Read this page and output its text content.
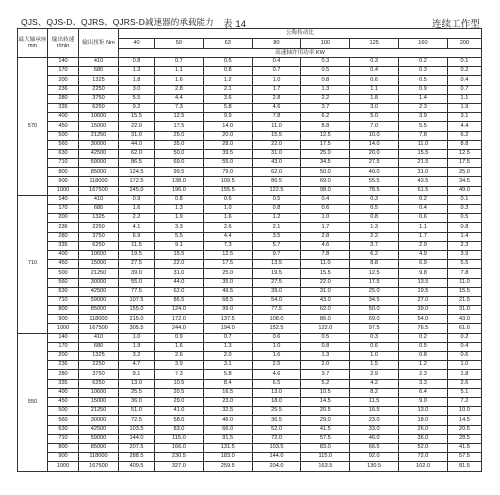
QJS、QJS-D、QJRS、QJRS-D减速器的承载能力 表 14	连续工作型
最大轴承座 mm	输出转速 r/min	输出扭矩 Nm	公称传动比							
			40	50	63	80	100	125	160	200
			高速轴许用功率 KW							
570	140	410	0.8	0.7	0.5	0.4	0.3	0.3	0.2	0.1
	170	680	1.3	1.1	0.8	0.7	0.5	0.4	0.3	0.2
	200	1325	1.8	1.6	1.2	1.0	0.8	0.6	0.5	0.4
	236	2250	3.0	2.8	2.1	1.7	1.3	1.1	0.9	0.7
	280	3750	5.5	4.4	3.6	2.8	2.2	1.8	1.4	1.1
	335	6250	9.2	7.3	5.8	4.6	3.7	3.0	2.3	1.9
	400	10600	15.5	12.5	9.9	7.8	6.2	5.0	3.9	3.1
	450	15000	22.0	17.5	14.0	11.0	8.8	7.0	5.5	4.4
	500	21250	31.0	25.0	20.0	15.5	12.5	10.0	7.8	6.2
	560	30000	44.0	35.0	28.0	22.0	17.5	14.0	11.0	8.8
	630	42500	62.0	50.0	39.5	31.0	25.0	20.0	15.5	12.5
	710	59000	86.5	69.0	55.0	43.0	34.5	27.5	21.5	17.5
	800	85000	124.5	99.5	79.0	62.0	50.0	40.0	31.0	25.0
	900	118000	172.5	138.0	109.5	86.5	69.0	55.5	43.5	34.5
	1000	167500	245.0	196.0	155.5	122.5	98.0	78.5	61.5	49.0
710	140	410	0.9	0.8	0.6	0.5	0.4	0.3	0.2	0.1
	170	680	1.6	1.3	1.0	0.8	0.6	0.5	0.4	0.3
	200	1325	2.2	1.9	1.6	1.2	1.0	0.8	0.6	0.5
	236	2250	4.1	3.3	2.6	2.1	1.7	1.3	1.1	0.8
	280	3750	6.9	5.5	4.4	3.5	2.8	2.2	1.7	1.4
	335	6250	11.5	9.1	7.3	5.7	4.6	3.7	2.9	2.3
	400	10600	19.5	15.5	12.5	9.7	7.8	6.2	4.9	3.9
	450	15000	27.5	22.0	17.5	13.5	11.0	8.8	6.9	5.5
	500	21250	39.0	31.0	25.0	19.5	15.5	12.5	9.8	7.8
	560	30000	55.0	44.0	35.0	27.5	22.0	17.5	13.5	11.0
	630	42500	77.5	62.0	49.5	39.0	31.0	25.0	19.5	15.5
	710	59000	107.5	86.5	68.5	54.0	43.0	34.5	27.0	21.5
	800	85000	155.0	124.0	99.0	77.5	62.0	50.0	39.0	31.0
	900	118000	215.0	172.0	137.5	108.0	86.0	69.0	54.0	43.0
	1000	167500	305.5	244.0	194.0	152.5	122.0	97.5	76.5	61.0
550	140	410	1.0	0.9	0.7	0.6	0.5	0.3	0.2	0.2
	170	680	1.9	1.6	1.3	1.0	0.8	0.6	0.5	0.4
	200	1325	3.2	2.6	2.0	1.6	1.3	1.0	0.8	0.6
	236	2250	4.7	3.9	3.1	2.5	2.0	1.5	1.2	1.0
	280	3750	9.1	7.3	5.8	4.6	3.7	2.9	2.3	1.8
	335	6250	13.0	10.5	8.4	6.5	5.2	4.2	3.3	2.6
	400	10600	25.5	20.5	16.5	13.0	10.5	8.2	6.4	5.1
	450	15000	36.0	29.0	23.0	18.0	14.5	11.5	9.0	7.2
	500	21250	51.0	41.0	32.5	25.5	20.5	16.5	13.0	10.0
	560	30000	72.5	58.0	46.0	36.5	29.0	23.0	18.0	14.5
	630	42500	103.5	83.0	66.0	52.0	41.5	33.0	26.0	20.5
	710	59000	144.0	115.0	91.5	72.0	57.5	46.0	36.0	28.5
	800	85000	207.5	166.0	131.5	103.5	83.0	66.5	52.0	41.5
	900	118000	288.5	230.5	183.0	144.0	115.0	92.0	72.0	57.5
	1000	167500	409.5	327.0	259.5	204.0	163.5	130.5	102.0	81.5
